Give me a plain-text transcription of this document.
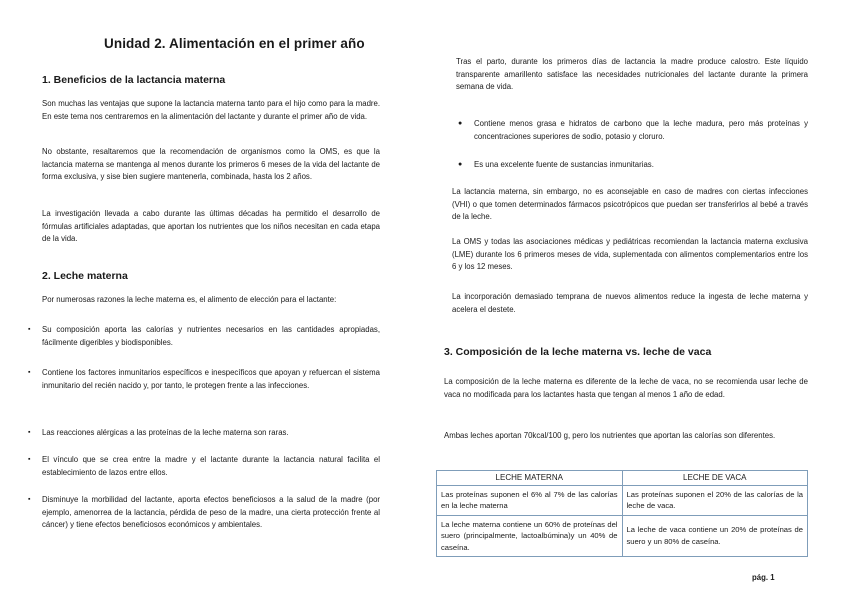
Unidad 2. Alimentación en el primer año
1. Beneficios de la lactancia materna

Son muchas las ventajas que supone la lactancia materna tanto para el hijo como para la madre. En este tema nos centraremos en la alimentación del lactante y durante el primer año de vida.

No obstante, resaltaremos que la recomendación de organismos como la OMS, es que la lactancia materna se mantenga al menos durante los primeros 6 meses de la vida del lactante de forma exclusiva, y sise bien sugiere mantenerla, combinada, hasta los 2 años.

La investigación llevada a cabo durante las últimas décadas ha permitido el desarrollo de fórmulas artificiales adaptadas, que aportan los nutrientes que los niños necesitan en cada etapa de la vida.

2. Leche materna

Por numerosas razones la leche materna es, el alimento de elección para el lactante:

▪ Su composición aporta las calorías y nutrientes necesarios en las cantidades apropiadas, fácilmente digeribles y biodisponibles.
▪ Contiene los factores inmunitarios específicos e inespecíficos que apoyan y refuercan el sistema inmunitario del recién nacido y, por tanto, le protegen frente a las infecciones.
▪ Las reacciones alérgicas a las proteínas de la leche materna son raras.
▪ El vínculo que se crea entre la madre y el lactante durante la lactancia natural facilita el establecimiento de lazos entre ellos.
▪ Disminuye la morbilidad del lactante, aporta efectos beneficiosos a la salud de la madre (por ejemplo, amenorrea de la lactancia, pérdida de peso de la madre, una cierta protección frente al cáncer) y tiene efectos beneficiosos económicos y ambientales.

Tras el parto, durante los primeros días de lactancia la madre produce calostro. Este líquido transparente amarillento satisface las necesidades nutricionales del lactante durante la primera semana de vida.

● Contiene menos grasa e hidratos de carbono que la leche madura, pero más proteínas y concentraciones superiores de sodio, potasio y cloruro.
● Es una excelente fuente de sustancias inmunitarias.

La lactancia materna, sin embargo, no es aconsejable en caso de madres con ciertas infecciones (VHI) o que tomen determinados fármacos psicotrópicos que puedan ser transferirlos al bebé a través de la leche.

La OMS y todas las asociaciones médicas y pediátricas recomiendan la lactancia materna exclusiva (LME) durante los 6 primeros meses de vida, suplementada con alimentos complementarios entre los 6 y los 12 meses.

La incorporación demasiado temprana de nuevos alimentos reduce la ingesta de leche materna y acelera el destete.

3. Composición de la leche materna vs. leche de vaca

La composición de la leche materna es diferente de la leche de vaca, no se recomienda usar leche de vaca no modificada para los lactantes hasta que tengan al menos 1 año de edad.

Ambas leches aportan 70kcal/100 g, pero los nutrientes que aportan las calorías son diferentes.

LECHE MATERNA	LECHE DE VACA
Las proteínas suponen el 6% al 7% de las calorías en la leche materna	Las proteínas suponen el 20% de las calorías de la leche de vaca.
La leche materna contiene un 60% de proteínas del suero (principalmente, lactoalbúmina)y un 40% de caseína.	La leche de vaca contiene un 20% de proteínas de suero y un 80% de caseína.
pág. 1
